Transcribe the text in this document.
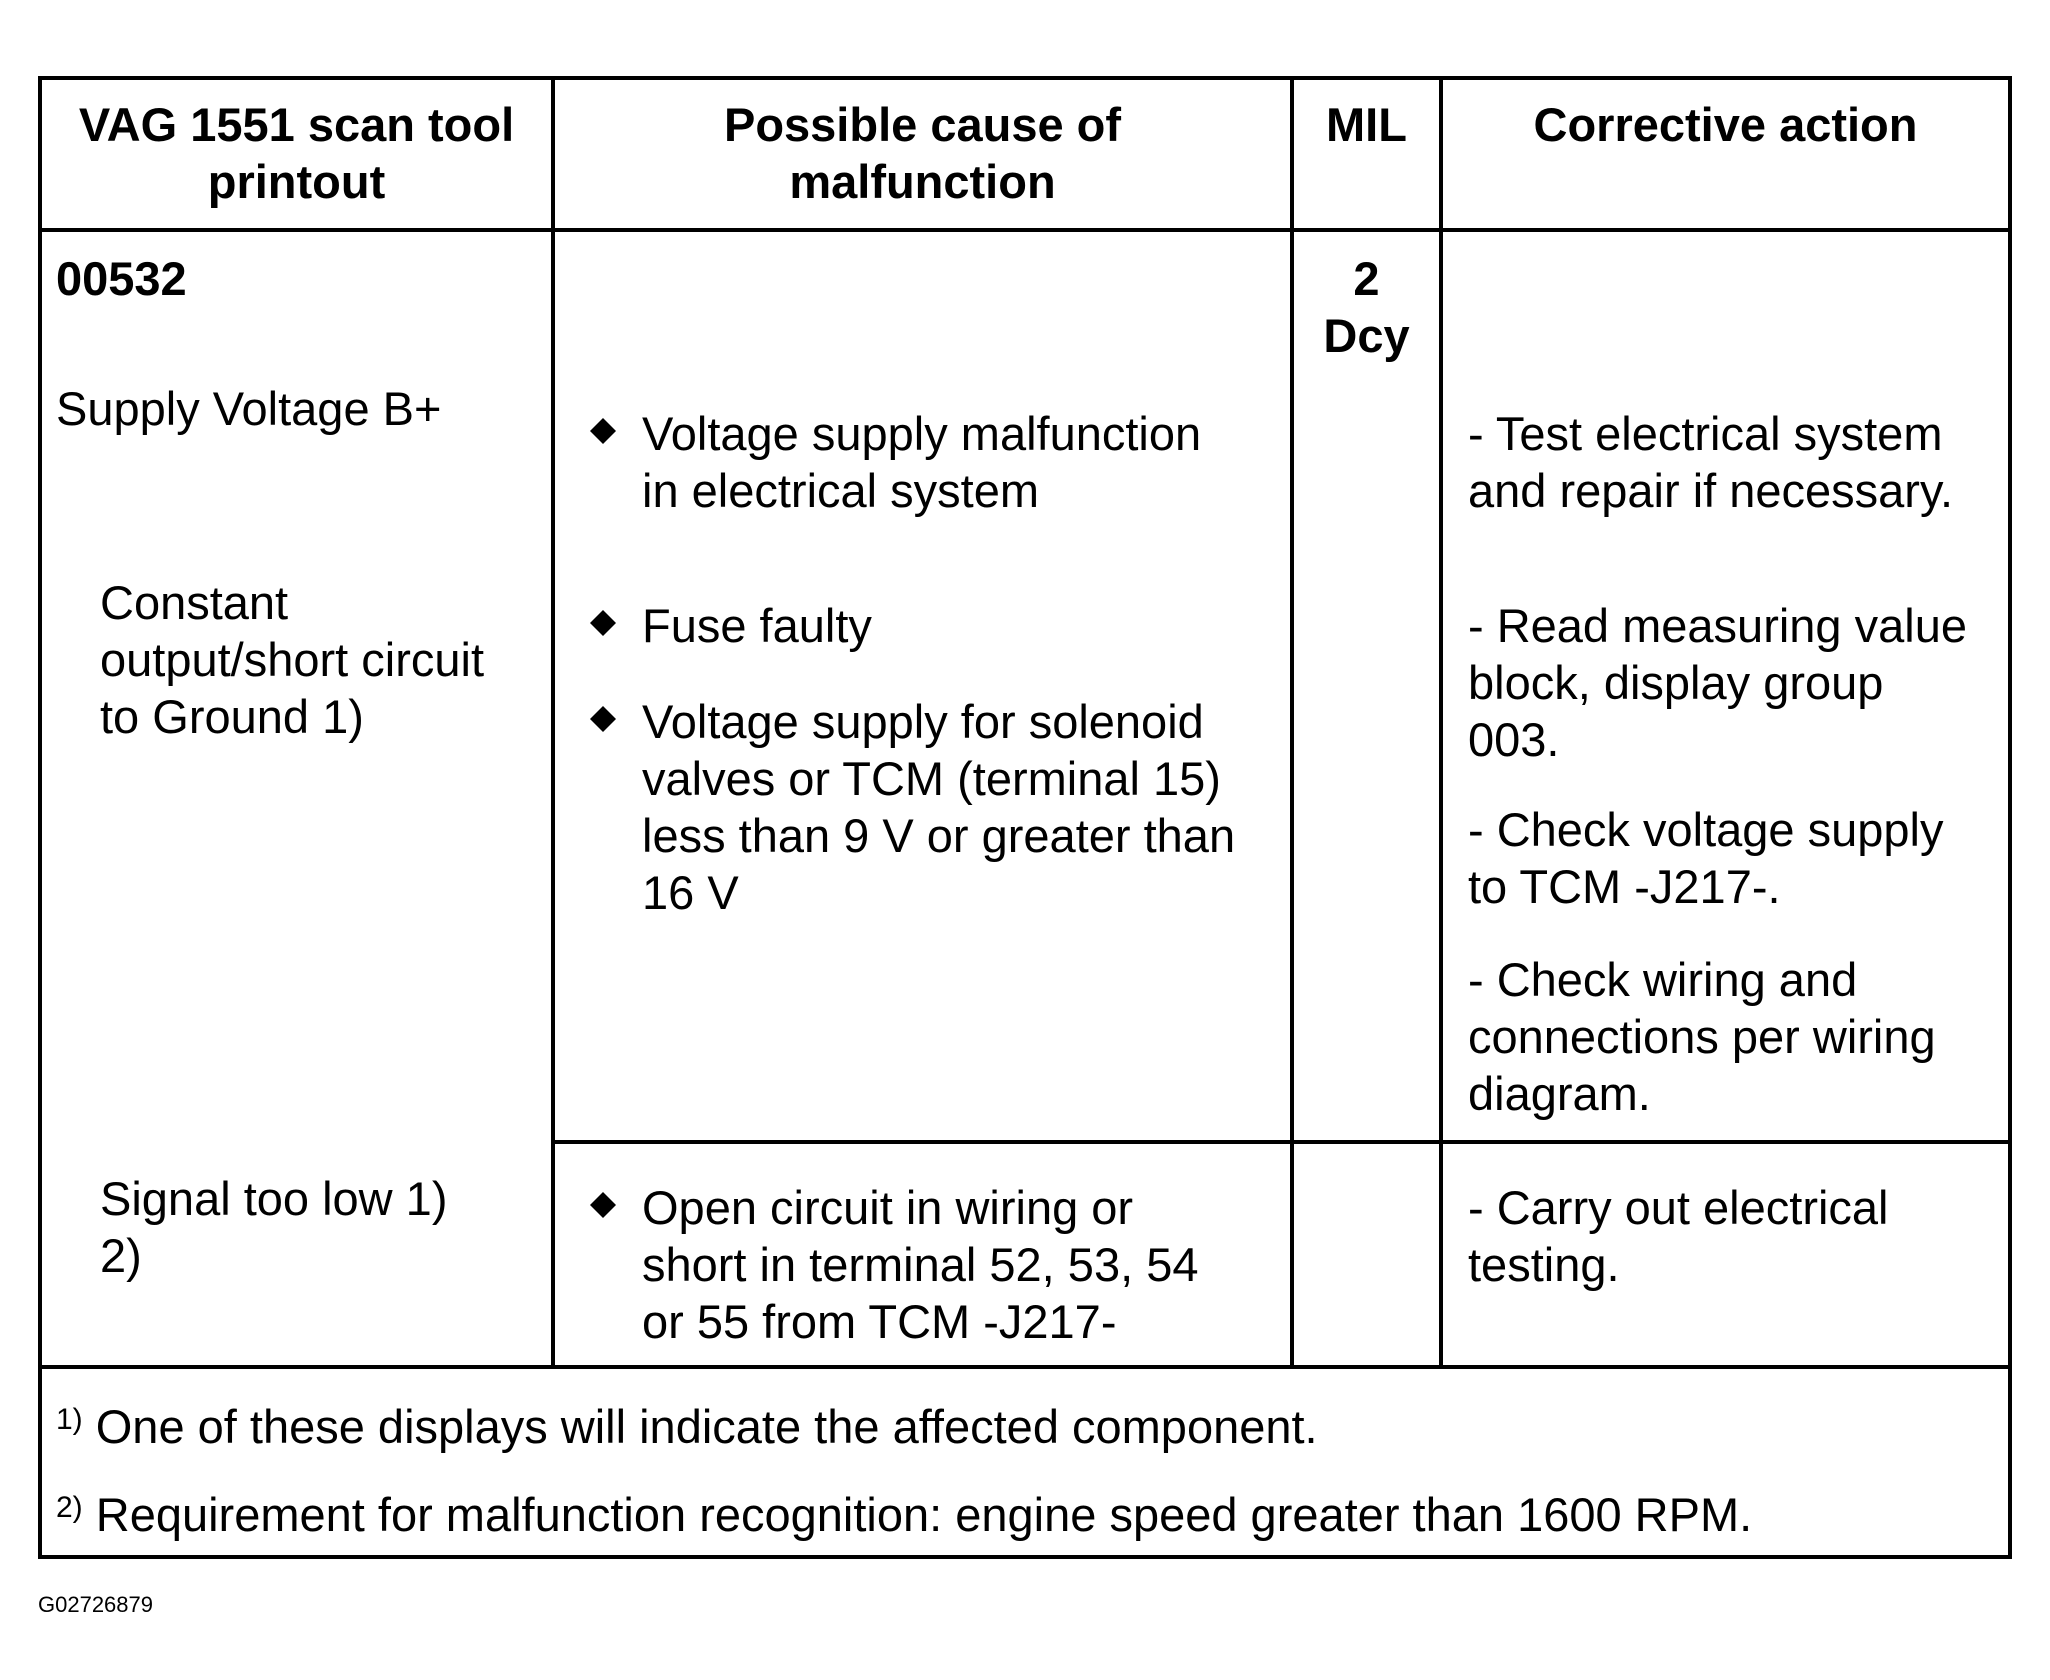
VAG 1551 scan tool
printout
Possible cause of
malfunction
MIL	Corrective action
00532
Supply Voltage B+
Constant
output/short circuit
to Ground 1)
Signal too low 1)
2)
2
Dcy
Voltage supply malfunction
in electrical system
Fuse faulty
Voltage supply for solenoid
valves or TCM (terminal 15)
less than 9 V or greater than
16 V
Open circuit in wiring or
short in terminal 52, 53, 54
or 55 from TCM -J217-
- Test electrical system
and repair if necessary.
- Read measuring value
block, display group
003.
- Check voltage supply
to TCM -J217-.
- Check wiring and
connections per wiring
diagram.
- Carry out electrical
testing.
$^{1)}$ One of these displays will indicate the affected component.
$^{2)}$ Requirement for malfunction recognition: engine speed greater than 1600 RPM.
G02726879
